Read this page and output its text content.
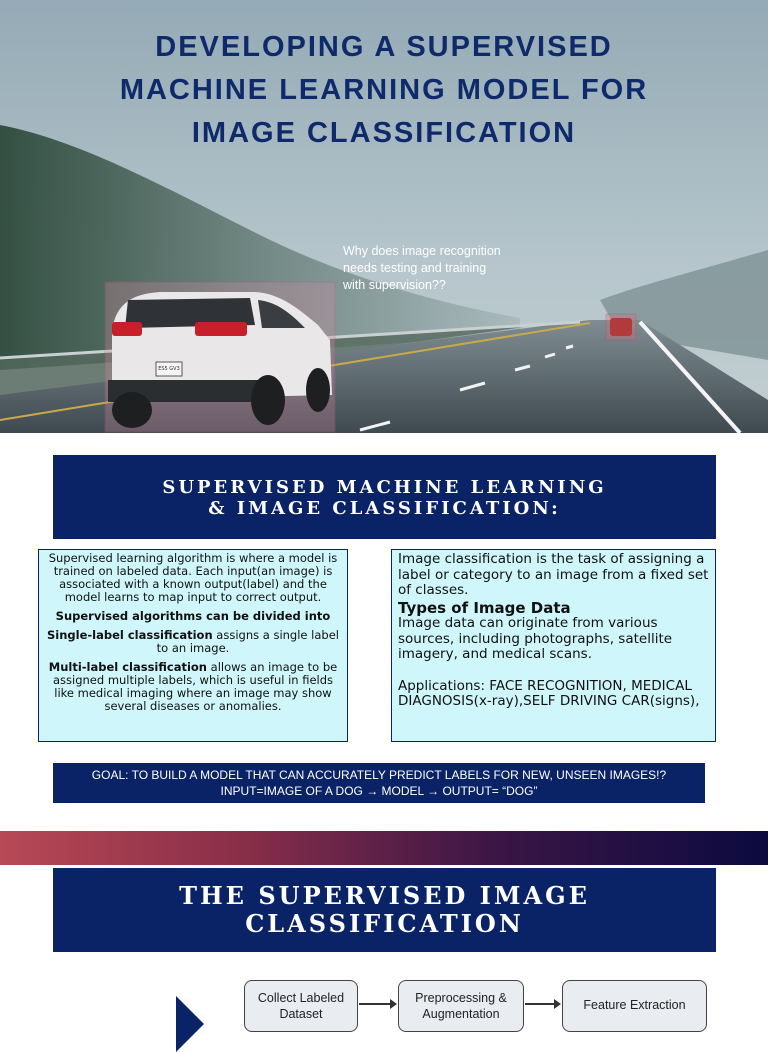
DEVELOPING A SUPERVISED
MACHINE LEARNING MODEL FOR
IMAGE CLASSIFICATION
Why does image recognition
needs testing and training
with supervision??
ES5 GV3
SUPERVISED MACHINE LEARNING
& IMAGE CLASSIFICATION:

Supervised learning algorithm is where a model is trained on labeled data. Each input(an image) is associated with a known output(label) and the model learns to map input to correct output.

Supervised algorithms can be divided into

Single-label classification assigns a single label to an image.

Multi-label classification allows an image to be assigned multiple labels, which is useful in fields like medical imaging where an image may show several diseases or anomalies.

Image classification is the task of assigning a label or category to an image from a fixed set of classes.

Types of Image Data

Image data can originate from various sources, including photographs, satellite imagery, and medical scans.

Applications: FACE RECOGNITION, MEDICAL DIAGNOSIS(x-ray),SELF DRIVING CAR(signs),

GOAL: TO BUILD A MODEL THAT CAN ACCURATELY PREDICT LABELS FOR NEW, UNSEEN IMAGES!?
INPUT=IMAGE OF A DOG → MODEL → OUTPUT= “DOG”
THE SUPERVISED IMAGE
CLASSIFICATION
Collect Labeled
Dataset
Preprocessing &
Augmentation
Feature Extraction
